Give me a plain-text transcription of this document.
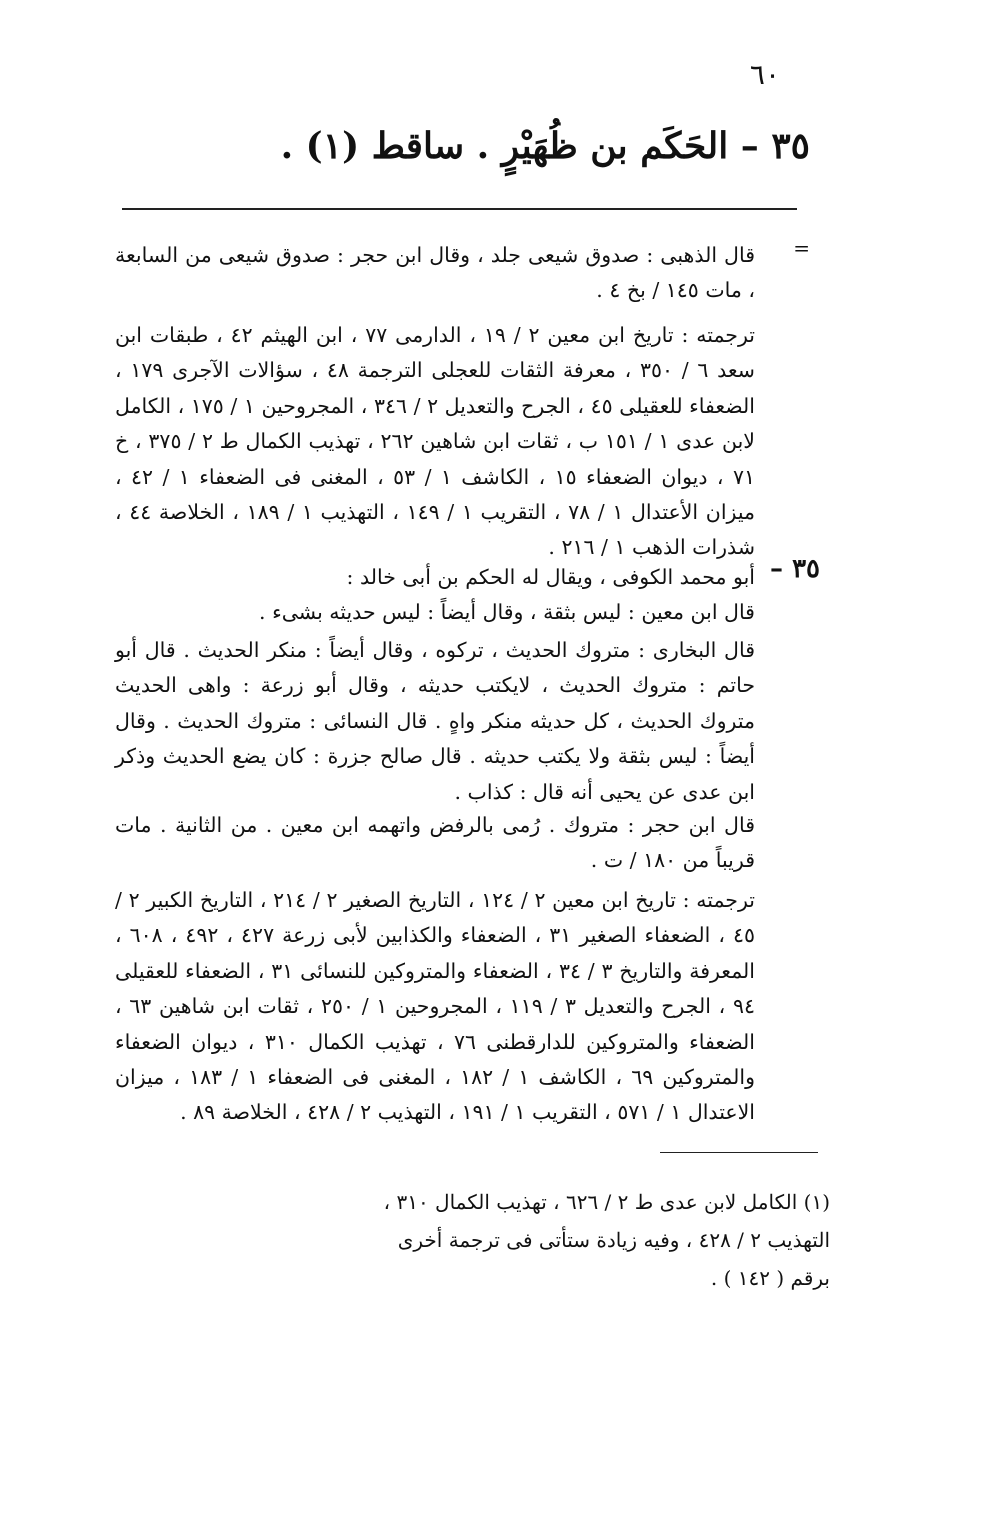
٦٠
٣٥ – الحَكَم بن ظُهَيْرٍ . ساقط (١) .
=
قال الذهبى : صدوق شيعى جلد ، وقال ابن حجر : صدوق شيعى من السابعة ، مات ١٤٥ / بخ ٤ .
ترجمته : تاريخ ابن معين ٢ / ١٩ ، الدارمى ٧٧ ، ابن الهيثم ٤٢ ، طبقات ابن سعد ٦ / ٣٥٠ ، معرفة الثقات للعجلى الترجمة ٤٨ ، سؤالات الآجرى ١٧٩ ، الضعفاء للعقيلى ٤٥ ، الجرح والتعديل ٢ / ٣٤٦ ، المجروحين ١ / ١٧٥ ، الكامل لابن عدى ١ / ١٥١ ب ، ثقات ابن شاهين ٢٦٢ ، تهذيب الكمال ط ٢ / ٣٧٥ ، خ ٧١ ، ديوان الضعفاء ١٥ ، الكاشف ١ / ٥٣ ، المغنى فى الضعفاء ١ / ٤٢ ، ميزان الأعتدال ١ / ٧٨ ، التقريب ١ / ١٤٩ ، التهذيب ١ / ١٨٩ ، الخلاصة ٤٤ ، شذرات الذهب ١ / ٢١٦ .
٣٥ –
أبو محمد الكوفى ، ويقال له الحكم بن أبى خالد :
قال ابن معين : ليس بثقة ، وقال أيضاً : ليس حديثه بشىء .
قال البخارى : متروك الحديث ، تركوه ، وقال أيضاً : منكر الحديث . قال أبو حاتم : متروك الحديث ، لايكتب حديثه ، وقال أبو زرعة : واهى الحديث متروك الحديث ، كل حديثه منكر واهٍ . قال النسائى : متروك الحديث . وقال أيضاً : ليس بثقة ولا يكتب حديثه . قال صالح جزرة : كان يضع الحديث وذكر ابن عدى عن يحيى أنه قال : كذاب .
قال ابن حجر : متروك . رُمى بالرفض واتهمه ابن معين . من الثانية . مات قريباً من ١٨٠ / ت .
ترجمته : تاريخ ابن معين ٢ / ١٢٤ ، التاريخ الصغير ٢ / ٢١٤ ، التاريخ الكبير ٢ / ٤٥ ، الضعفاء الصغير ٣١ ، الضعفاء والكذابين لأبى زرعة ٤٢٧ ، ٤٩٢ ، ٦٠٨ ، المعرفة والتاريخ ٣ / ٣٤ ، الضعفاء والمتروكين للنسائى ٣١ ، الضعفاء للعقيلى ٩٤ ، الجرح والتعديل ٣ / ١١٩ ، المجروحين ١ / ٢٥٠ ، ثقات ابن شاهين ٦٣ ، الضعفاء والمتروكين للدارقطنى ٧٦ ، تهذيب الكمال ٣١٠ ، ديوان الضعفاء والمتروكين ٦٩ ، الكاشف ١ / ١٨٢ ، المغنى فى الضعفاء ١ / ١٨٣ ، ميزان الاعتدال ١ / ٥٧١ ، التقريب ١ / ١٩١ ، التهذيب ٢ / ٤٢٨ ، الخلاصة ٨٩ .
(١) الكامل لابن عدى ط ٢ / ٦٢٦ ، تهذيب الكمال ٣١٠ ، التهذيب ٢ / ٤٢٨ ، وفيه زيادة ستأتى فى ترجمة أخرى برقم ( ١٤٢ ) .
